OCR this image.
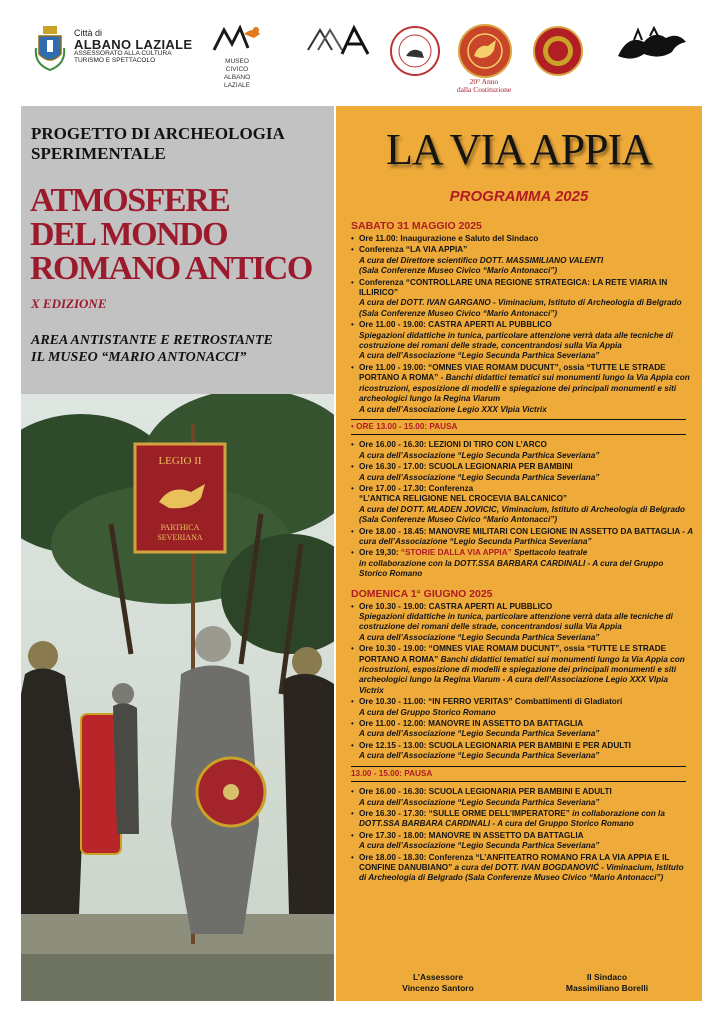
Città di
ALBANO LAZIALE
ASSESSORATO ALLA CULTURA
TURISMO E SPETTACOLO	MUSEO
CIVICO
ALBANO
LAZIALE	20° Anno
dalla Costituzione
PROGETTO DI ARCHEOLOGIA SPERIMENTALE
ATMOSFERE
DEL MONDO
ROMANO ANTICO
X EDIZIONE
AREA ANTISTANTE E RETROSTANTE
IL MUSEO “MARIO ANTONACCI”
LEGIO II
PARTHICA
SEVERIANA
LA VIA APPIA
PROGRAMMA 2025
SABATO 31 MAGGIO 2025
• Ore 11.00: Inaugurazione e Saluto del Sindaco
• Conferenza “LA VIA APPIA”
A cura del Direttore scientifico DOTT. MASSIMILIANO VALENTI
(Sala Conferenze Museo Civico “Mario Antonacci”)
• Conferenza “CONTROLLARE UNA REGIONE STRATEGICA: LA RETE VIARIA IN ILLIRICO”
A cura del DOTT. IVAN GARGANO - Viminacium, Istituto di Archeologia di Belgrado (Sala Conferenze Museo Civico “Mario Antonacci”)
• Ore 11.00 - 19.00: CASTRA APERTI AL PUBBLICO
Spiegazioni didattiche in tunica, particolare attenzione verrà data alle tecniche di costruzione dei romani delle strade, concentrandosi sulla Via Appia
A cura dell’Associazione “Legio Secunda Parthica Severiana”
• Ore 11.00 - 19.00: “OMNES VIAE ROMAM DUCUNT”, ossia “TUTTE LE STRADE PORTANO A ROMA” - Banchi didattici tematici sui monumenti lungo la Via Appia con ricostruzioni, esposizione di modelli e spiegazione dei principali monumenti e siti archeologici lungo la Regina Viarum
A cura dell’Associazione Legio XXX Vlpia Victrix
• ORE 13.00 - 15.00: PAUSA
• Ore 16.00 - 16.30: LEZIONI DI TIRO CON L’ARCO
A cura dell’Associazione “Legio Secunda Parthica Severiana”
• Ore 16.30 - 17.00: SCUOLA LEGIONARIA PER BAMBINI
A cura dell’Associazione “Legio Secunda Parthica Severiana”
• Ore 17.00 - 17.30: Conferenza
“L’ANTICA RELIGIONE NEL CROCEVIA BALCANICO”
A cura del DOTT. MLADEN JOVICIC, Viminacium, Istituto di Archeologia di Belgrado (Sala Conferenze Museo Civico “Mario Antonacci”)
• Ore 18.00 - 18.45: MANOVRE MILITARI CON LEGIONE IN ASSETTO DA BATTAGLIA - A cura dell’Associazione “Legio Secunda Parthica Severiana”
• Ore 19,30: “STORIE DALLA VIA APPIA” Spettacolo teatrale
in collaborazione con la DOTT.SSA BARBARA CARDINALI - A cura del Gruppo Storico Romano
DOMENICA 1° GIUGNO 2025
• Ore 10.30 - 19.00: CASTRA APERTI AL PUBBLICO
Spiegazioni didattiche in tunica, particolare attenzione verrà data alle tecniche di costruzione dei romani delle strade, concentrandosi sulla Via Appia
A cura dell’Associazione “Legio Secunda Parthica Severiana”
• Ore 10.30 - 19.00: “OMNES VIAE ROMAM DUCUNT”, ossia “TUTTE LE STRADE PORTANO A ROMA” Banchi didattici tematici sui monumenti lungo la Via Appia con ricostruzioni, esposizione di modelli e spiegazione dei principali monumenti e siti archeologici lungo la Regina Viarum - A cura dell’Associazione Legio XXX Vlpia Victrix
• Ore 10.30 - 11.00: “IN FERRO VERITAS” Combattimenti di Gladiatori
A cura del Gruppo Storico Romano
• Ore 11.00 - 12.00: MANOVRE IN ASSETTO DA BATTAGLIA
A cura dell’Associazione “Legio Secunda Parthica Severiana”
• Ore 12.15 - 13.00: SCUOLA LEGIONARIA PER BAMBINI E PER ADULTI
A cura dell’Associazione “Legio Secunda Parthica Severiana”
13.00 - 15.00: PAUSA
• Ore 16.00 - 16.30: SCUOLA LEGIONARIA PER BAMBINI E ADULTI
A cura dell’Associazione “Legio Secunda Parthica Severiana”
• Ore 16.30 - 17.30: “SULLE ORME DELL’IMPERATORE” in collaborazione con la DOTT.SSA BARBARA CARDINALI - A cura del Gruppo Storico Romano
• Ore 17.30 - 18.00: MANOVRE IN ASSETTO DA BATTAGLIA
A cura dell’Associazione “Legio Secunda Parthica Severiana”
• Ore 18.00 - 18.30: Conferenza “L’ANFITEATRO ROMANO FRA LA VIA APPIA E IL CONFINE DANUBIANO” a cura del DOTT. IVAN BOGDANOVIĆ - Viminacium, Istituto di Archeologia di Belgrado (Sala Conferenze Museo Civico “Mario Antonacci”)
L’Assessore
Vincenzo Santoro
Il Sindaco
Massimiliano Borelli
